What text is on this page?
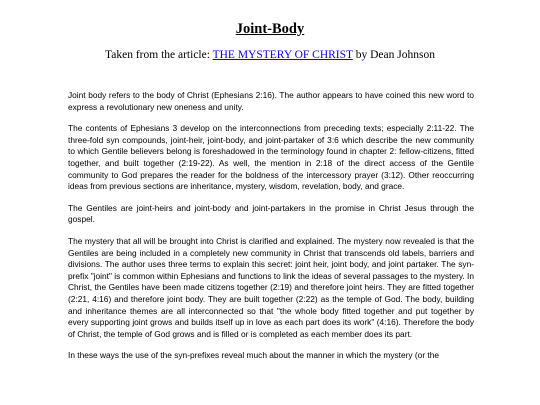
Joint-Body
Taken from the article: THE MYSTERY OF CHRIST by Dean Johnson

Joint body refers to the body of Christ (Ephesians 2:16). The author appears to have coined this new word to express a revolutionary new oneness and unity.

The contents of Ephesians 3 develop on the interconnections from preceding texts; especially 2:11-22. The three-fold syn compounds, joint-heir, joint-body, and joint-partaker of 3:6 which describe the new community to which Gentile believers belong is foreshadowed in the terminology found in chapter 2: fellow-citizens, fitted together, and built together (2:19-22). As well, the mention in 2:18 of the direct access of the Gentile community to God prepares the reader for the boldness of the intercessory prayer (3:12). Other reoccurring ideas from previous sections are inheritance, mystery, wisdom, revelation, body, and grace.

The Gentiles are joint-heirs and joint-body and joint-partakers in the promise in Christ Jesus through the gospel.

The mystery that all will be brought into Christ is clarified and explained. The mystery now revealed is that the Gentiles are being included in a completely new community in Christ that transcends old labels, barriers and divisions. The author uses three terms to explain this secret: joint heir, joint body, and joint partaker. The syn-prefix "joint" is common within Ephesians and functions to link the ideas of several passages to the mystery. In Christ, the Gentiles have been made citizens together (2:19) and therefore joint heirs. They are fitted together (2:21, 4:16) and therefore joint body. They are built together (2:22) as the temple of God. The body, building and inheritance themes are all interconnected so that "the whole body fitted together and put together by every supporting joint grows and builds itself up in love as each part does its work" (4:16). Therefore the body of Christ, the temple of God grows and is filled or is completed as each member does its part.

In these ways the use of the syn-prefixes reveal much about the manner in which the mystery (or the
